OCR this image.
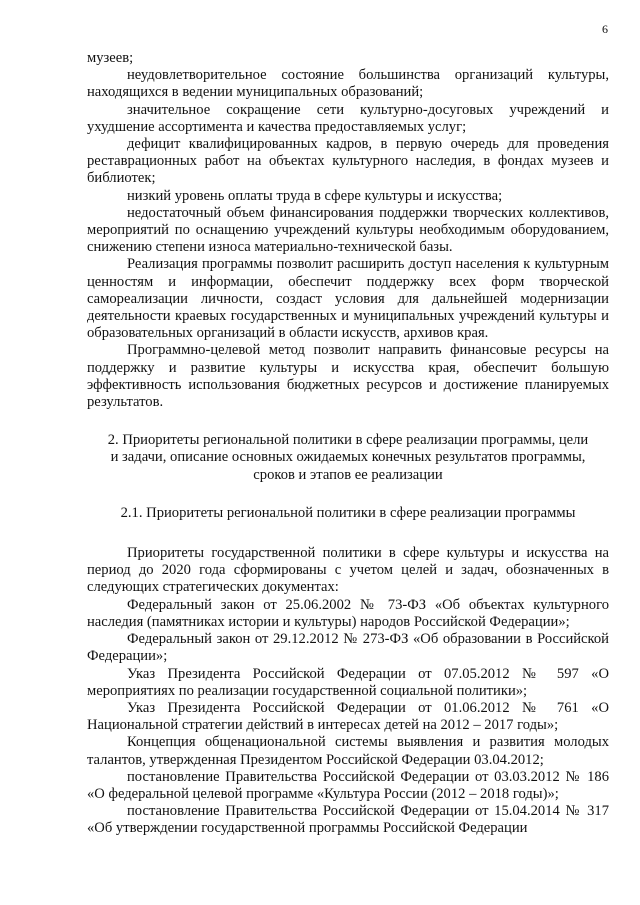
6

музеев;

неудовлетворительное состояние большинства организаций культуры, находящихся в ведении муниципальных образований;

значительное сокращение сети культурно-досуговых учреждений и ухудшение ассортимента и качества предоставляемых услуг;

дефицит квалифицированных кадров, в первую очередь для проведения реставрационных работ на объектах культурного наследия, в фондах музеев и библиотек;

низкий уровень оплаты труда в сфере культуры и искусства;

недостаточный объем финансирования поддержки творческих коллективов, мероприятий по оснащению учреждений культуры необходимым оборудованием, снижению степени износа материально-технической базы.

Реализация программы позволит расширить доступ населения к культурным ценностям и информации, обеспечит поддержку всех форм творческой самореализации личности, создаст условия для дальнейшей модернизации деятельности краевых государственных и муниципальных учреждений культуры и образовательных организаций в области искусств, архивов края.

Программно-целевой метод позволит направить финансовые ресурсы на поддержку и развитие культуры и искусства края, обеспечит большую эффективность использования бюджетных ресурсов и достижение планируемых результатов.

2. Приоритеты региональной политики в сфере реализации программы, цели и задачи, описание основных ожидаемых конечных результатов программы, сроков и этапов ее реализации

2.1. Приоритеты региональной политики в сфере реализации программы

Приоритеты государственной политики в сфере культуры и искусства на период до 2020 года сформированы с учетом целей и задач, обозначенных в следующих стратегических документах:

Федеральный закон от 25.06.2002 № 73-ФЗ «Об объектах культурного наследия (памятниках истории и культуры) народов Российской Федерации»;

Федеральный закон от 29.12.2012 № 273-ФЗ «Об образовании в Российской Федерации»;

Указ Президента Российской Федерации от 07.05.2012 № 597 «О мероприятиях по реализации государственной социальной политики»;

Указ Президента Российской Федерации от 01.06.2012 № 761 «О Национальной стратегии действий в интересах детей на 2012 – 2017 годы»;

Концепция общенациональной системы выявления и развития молодых талантов, утвержденная Президентом Российской Федерации 03.04.2012;

постановление Правительства Российской Федерации от 03.03.2012 № 186 «О федеральной целевой программе «Культура России (2012 – 2018 годы)»;

постановление Правительства Российской Федерации от 15.04.2014 № 317 «Об утверждении государственной программы Российской Федерации
